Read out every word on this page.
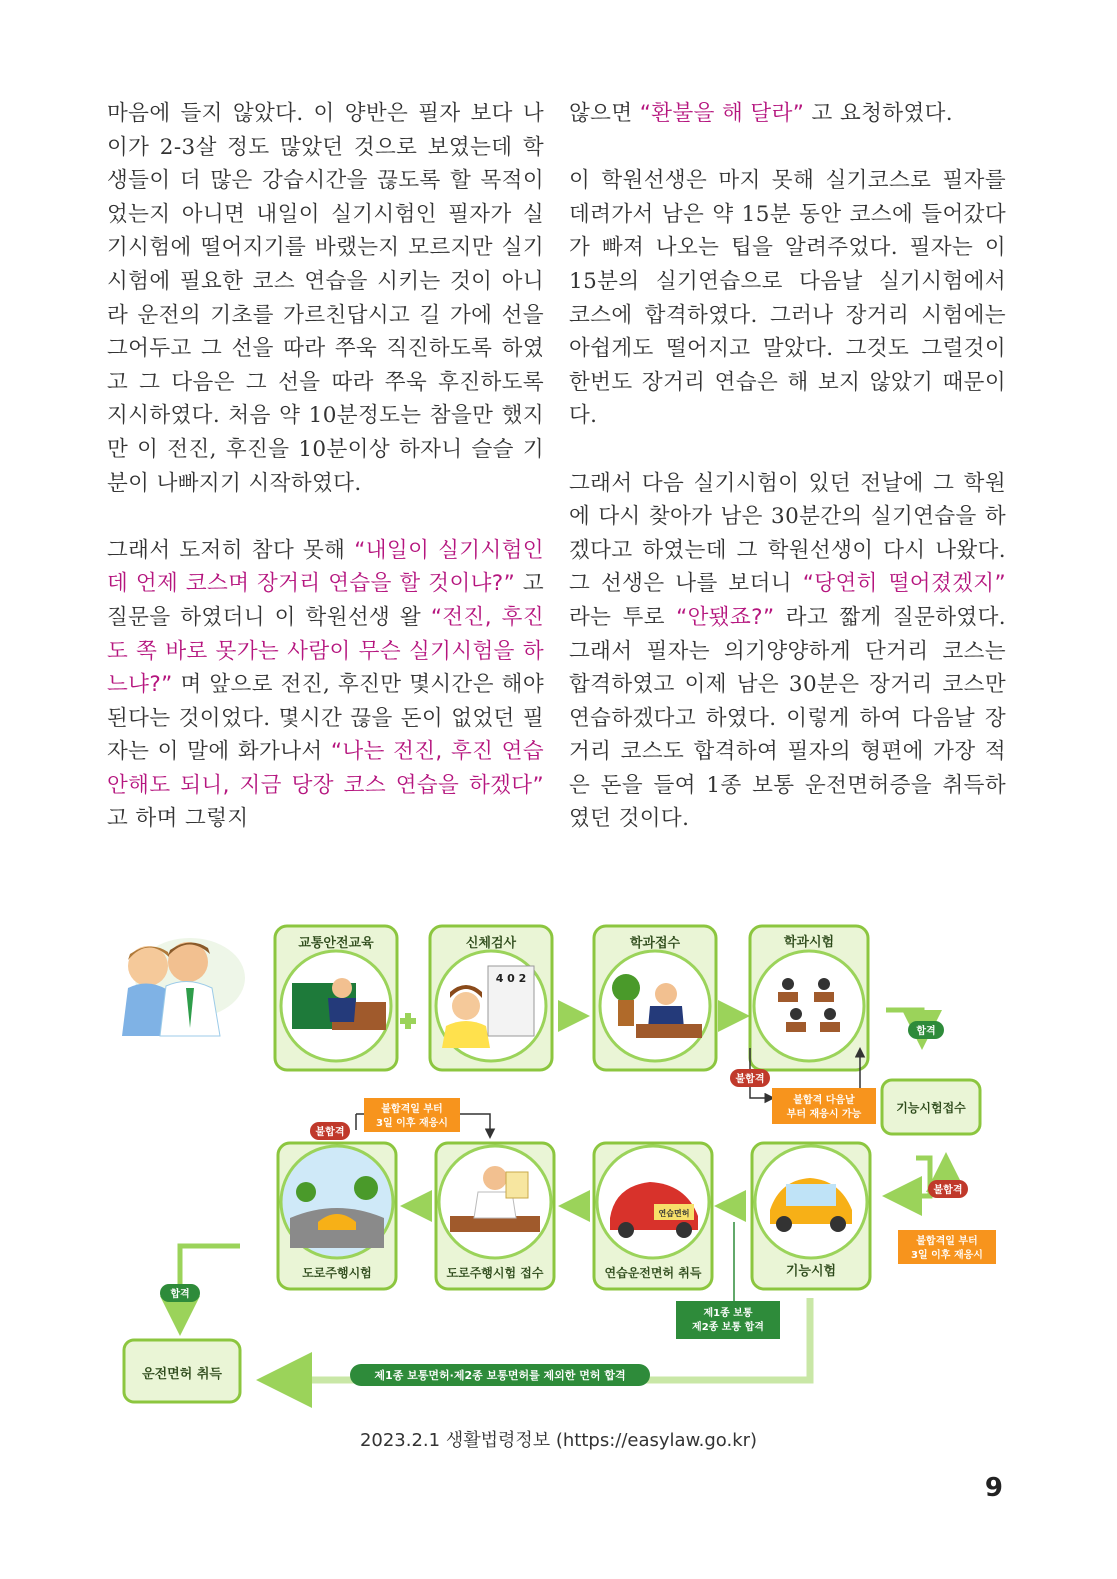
마음에 들지 않았다. 이 양반은 필자 보다 나이가 2-3살 정도 많았던 것으로 보였는데 학생들이 더 많은 강습시간을 끊도록 할 목적이었는지 아니면 내일이 실기시험인 필자가 실기시험에 떨어지기를 바랬는지 모르지만 실기시험에 필요한 코스 연습을 시키는 것이 아니라 운전의 기초를 가르친답시고 길 가에 선을 그어두고 그 선을 따라 쭈욱 직진하도록 하였고 그 다음은 그 선을 따라 쭈욱 후진하도록 지시하였다. 처음 약 10분정도는 참을만 했지만 이 전진, 후진을 10분이상 하자니 슬슬 기분이 나빠지기 시작하였다.

그래서 도저히 참다 못해 “내일이 실기시험인데 언제 코스며 장거리 연습을 할 것이냐?” 고 질문을 하였더니 이 학원선생 왈 “전진, 후진도 쪽 바로 못가는 사람이 무슨 실기시험을 하느냐?” 며 앞으로 전진, 후진만 몇시간은 해야 된다는 것이었다. 몇시간 끊을 돈이 없었던 필자는 이 말에 화가나서 “나는 전진, 후진 연습 안해도 되니, 지금 당장 코스 연습을 하겠다” 고 하며 그렇지

않으면 “환불을 해 달라” 고 요청하였다.

이 학원선생은 마지 못해 실기코스로 필자를 데려가서 남은 약 15분 동안 코스에 들어갔다가 빠져 나오는 팁을 알려주었다. 필자는 이 15분의 실기연습으로 다음날 실기시험에서 코스에 합격하였다. 그러나 장거리 시험에는 아쉽게도 떨어지고 말았다. 그것도 그럴것이 한번도 장거리 연습은 해 보지 않았기 때문이다.

그래서 다음 실기시험이 있던 전날에 그 학원에 다시 찾아가 남은 30분간의 실기연습을 하겠다고 하였는데 그 학원선생이 다시 나왔다. 그 선생은 나를 보더니 “당연히 떨어졌겠지” 라는 투로 “안됐죠?” 라고 짧게 질문하였다. 그래서 필자는 의기양양하게 단거리 코스는 합격하였고 이제 남은 30분은 장거리 코스만 연습하겠다고 하였다. 이렇게 하여 다음날 장거리 코스도 합격하여 필자의 형편에 가장 적은 돈을 들여 1종 보통 운전면허증을 취득하였던 것이다.

교통안전교육	신체검사
4 0 2
학과접수	학과시험
합격
불합격
불합격 다음날
부터 재응시 가능	기능시험접수
불합격
불합격일 부터
3일 이후 재응시
기능시험
연습면허
연습운전면허 취득
도로주행시험 접수
도로주행시험
불합격
불합격일 부터
3일 이후 재응시
합격
제1종 보통
제2종 보통 합격
제1종 보통면허·제2종 보통면허를 제외한 면허 합격
운전면허 취득
2023.2.1 생활법령정보 (https://easylaw.go.kr)
9
